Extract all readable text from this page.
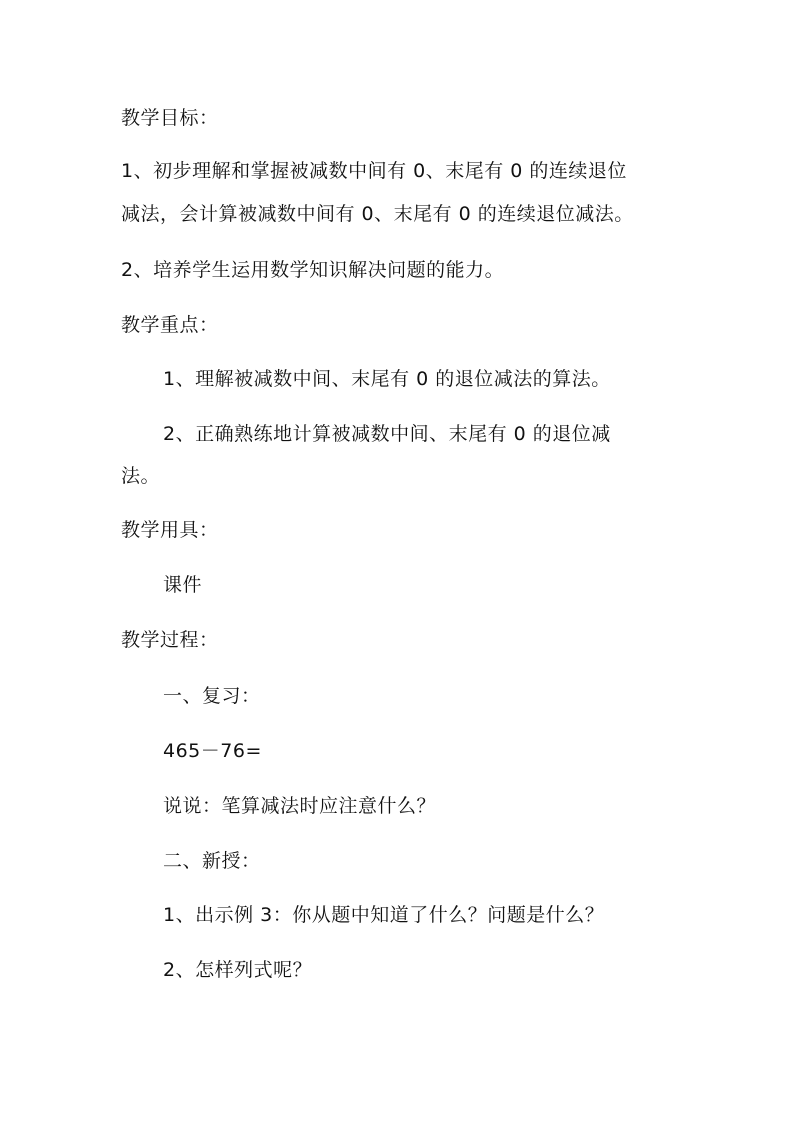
教学目标：
1、初步理解和掌握被减数中间有 0、末尾有 0 的连续退位
减法，会计算被减数中间有 0、末尾有 0 的连续退位减法。
2、培养学生运用数学知识解决问题的能力。
教学重点：
1、理解被减数中间、末尾有 0 的退位减法的算法。
2、正确熟练地计算被减数中间、末尾有 0 的退位减
法。
教学用具：
课件
教学过程：
一、复习：
465－76=
说说：笔算减法时应注意什么？
二、新授：
1、出示例 3：你从题中知道了什么？问题是什么？
2、怎样列式呢？
